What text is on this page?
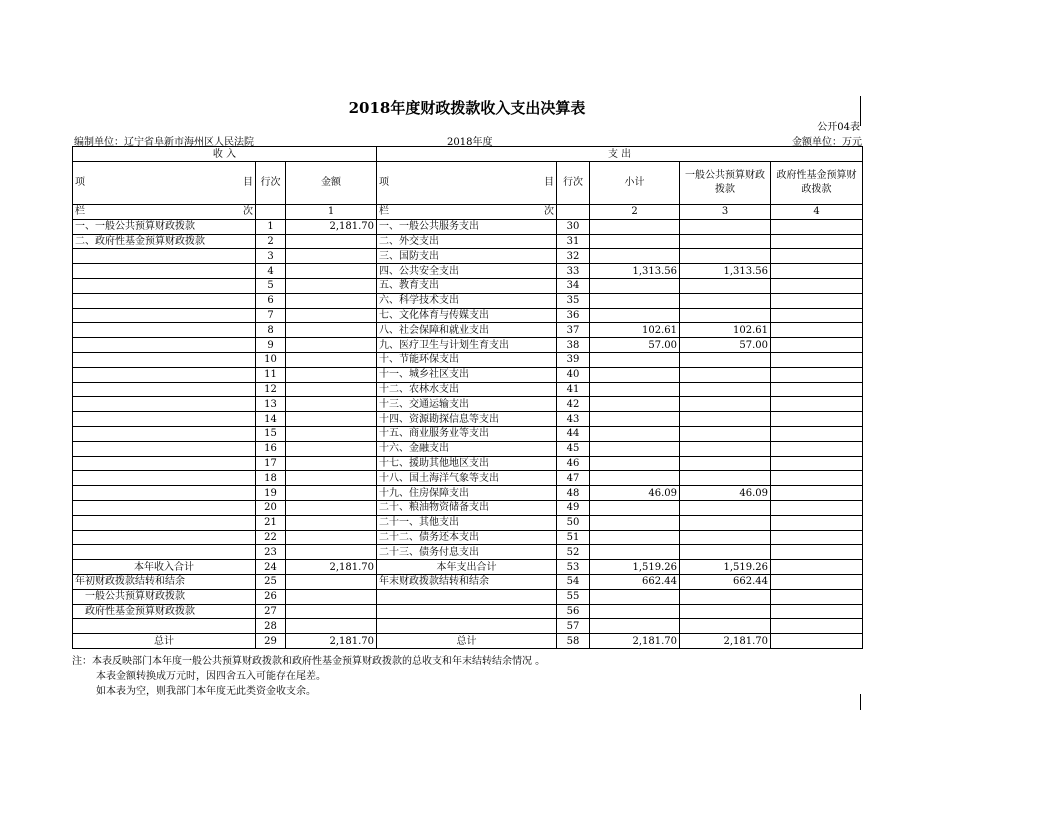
2018年度财政拨款收入支出决算表
公开04表
编制单位：辽宁省阜新市海州区人民法院	2018年度	金额单位：万元
收 入			支 出				

项 目	行次	金额	项 目	行次	小计	一般公共预算财政拨款	政府性基金预算财政拨款

栏 次		1	栏 次		2	3	4
一、一般公共预算财政拨款	1	2,181.70	一、一般公共服务支出	30			
二、政府性基金预算财政拨款	2		二、外交支出	31			
	3		三、国防支出	32			
	4		四、公共安全支出	33	1,313.56	1,313.56	
	5		五、教育支出	34			
	6		六、科学技术支出	35			
	7		七、文化体育与传媒支出	36			
	8		八、社会保障和就业支出	37	102.61	102.61	
	9		九、医疗卫生与计划生育支出	38	57.00	57.00	
	10		十、节能环保支出	39			
	11		十一、城乡社区支出	40			
	12		十二、农林水支出	41			
	13		十三、交通运输支出	42			
	14		十四、资源勘探信息等支出	43			
	15		十五、商业服务业等支出	44			
	16		十六、金融支出	45			
	17		十七、援助其他地区支出	46			
	18		十八、国土海洋气象等支出	47			
	19		十九、住房保障支出	48	46.09	46.09	
	20		二十、粮油物资储备支出	49			
	21		二十一、其他支出	50			
	22		二十二、债务还本支出	51			
	23		二十三、债务付息支出	52			
本年收入合计	24	2,181.70	本年支出合计	53	1,519.26	1,519.26	
年初财政拨款结转和结余	25		年末财政拨款结转和结余	54	662.44	662.44	
一般公共预算财政拨款	26			55			
政府性基金预算财政拨款	27			56			
	28			57			
总计	29	2,181.70	总计	58	2,181.70	2,181.70	
注：本表反映部门本年度一般公共预算财政拨款和政府性基金预算财政拨款的总收支和年末结转结余情况 。
本表金额转换成万元时，因四舍五入可能存在尾差。
如本表为空，则我部门本年度无此类资金收支余。
